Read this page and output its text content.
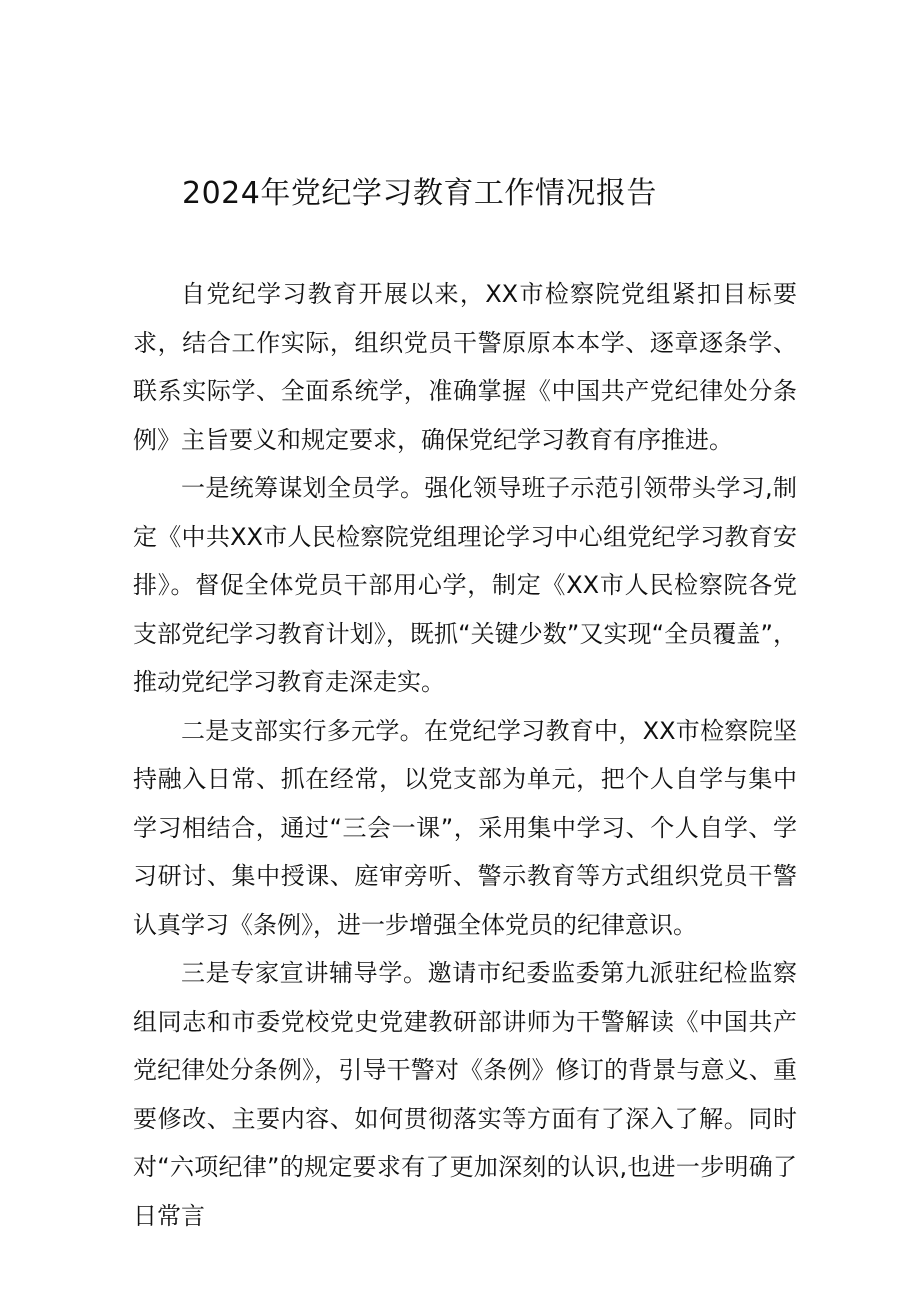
2024年党纪学习教育工作情况报告

自党纪学习教育开展以来，XX市检察院党组紧扣目标要求，结合工作实际，组织党员干警原原本本学、逐章逐条学、联系实际学、全面系统学，准确掌握《中国共产党纪律处分条例》主旨要义和规定要求，确保党纪学习教育有序推进。

一是统筹谋划全员学。强化领导班子示范引领带头学习,制定《中共XX市人民检察院党组理论学习中心组党纪学习教育安排》。督促全体党员干部用心学，制定《XX市人民检察院各党支部党纪学习教育计划》，既抓“关键少数”又实现“全员覆盖”，推动党纪学习教育走深走实。

二是支部实行多元学。在党纪学习教育中，XX市检察院坚持融入日常、抓在经常，以党支部为单元，把个人自学与集中学习相结合，通过“三会一课”，采用集中学习、个人自学、学习研讨、集中授课、庭审旁听、警示教育等方式组织党员干警认真学习《条例》，进一步增强全体党员的纪律意识。

三是专家宣讲辅导学。邀请市纪委监委第九派驻纪检监察组同志和市委党校党史党建教研部讲师为干警解读《中国共产党纪律处分条例》，引导干警对《条例》修订的背景与意义、重要修改、主要内容、如何贯彻落实等方面有了深入了解。同时对“六项纪律”的规定要求有了更加深刻的认识,也进一步明确了日常言
